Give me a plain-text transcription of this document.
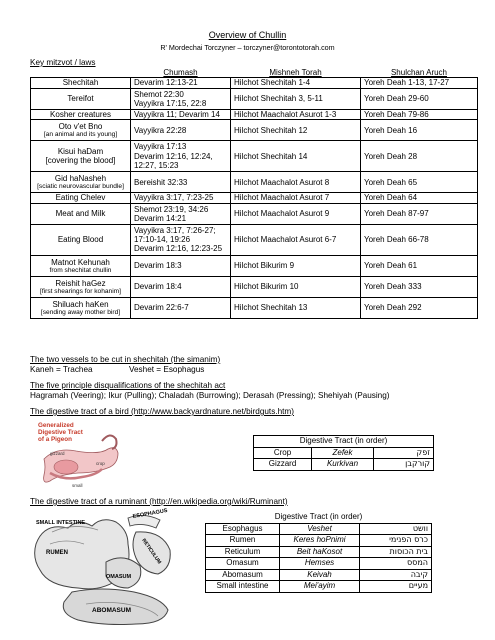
Overview of Chullin
R' Mordechai Torczyner – torczyner@torontotorah.com
Key mitzvot / laws
	Chumash	Mishneh Torah	Shulchan Aruch

Shechitah	Devarim 12:13-21	Hilchot Shechitah 1-4	Yoreh Deah 1-13, 17-27

Tereifot	Shemot 22:30
Vayyikra 17:15, 22:8	Hilchot Shechitah 3, 5-11	Yoreh Deah 29-60

Kosher creatures	Vayyikra 11; Devarim 14	Hilchot Maachalot Asurot 1-3	Yoreh Deah 79-86

Oto v'et Bno
[an animal and its young]	Vayyikra 22:28	Hilchot Shechitah 12	Yoreh Deah 16

Kisui haDam
[covering the blood]	Vayyikra 17:13
Devarim 12:16, 12:24,
12:27, 15:23	Hilchot Shechitah 14	Yoreh Deah 28

Gid haNasheh
[sciatic neurovascular bundle]	Bereishit 32:33	Hilchot Maachalot Asurot 8	Yoreh Deah 65

Eating Chelev	Vayyikra 3:17, 7:23-25	Hilchot Maachalot Asurot 7	Yoreh Deah 64

Meat and Milk	Shemot 23:19, 34:26
Devarim 14:21	Hilchot Maachalot Asurot 9	Yoreh Deah 87-97

Eating Blood	Vayyikra 3:17, 7:26-27;
17:10-14, 19:26
Devarim 12:16, 12:23-25	Hilchot Maachalot Asurot 6-7	Yoreh Deah 66-78

Matnot Kehunah
from shechitat chullin	Devarim 18:3	Hilchot Bikurim 9	Yoreh Deah 61

Reishit haGez
[first shearings for kohanim]	Devarim 18:4	Hilchot Bikurim 10	Yoreh Deah 333

Shiluach haKen
[sending away mother bird]	Devarim 22:6-7	Hilchot Shechitah 13	Yoreh Deah 292
The two vessels to be cut in shechitah (the simanim)
Kaneh = Trachea	Veshet = Esophagus
The five principle disqualifications of the shechitah act
Hagramah (Veering); Ikur (Pulling); Chaladah (Burrowing); Derasah (Pressing); Shehiyah (Pausing)
The digestive tract of a bird (http://www.backyardnature.net/birdguts.htm)
Generalized
Digestive Tract
of a Pigeon
gizzard
crop
small
Digestive Tract (in order)		
Crop	Zefek	זפק
Gizzard	Kurkivan	קורקבן
The digestive tract of a ruminant (http://en.wikipedia.org/wiki/Ruminant)
SMALL INTESTINE
ESOPHAGUS
RUMEN	RETICULUM
OMASUM
ABOMASUM
Digestive Tract (in order)		
Esophagus	Veshet	וושט
Rumen	Keres hoPnimi	כרס הפנימי
Reticulum	Beit haKosot	בית הכוסות
Omasum	Hemses	המסס
Abomasum	Keivah	קיבה
Small intestine	Mei'ayim	מעיים
